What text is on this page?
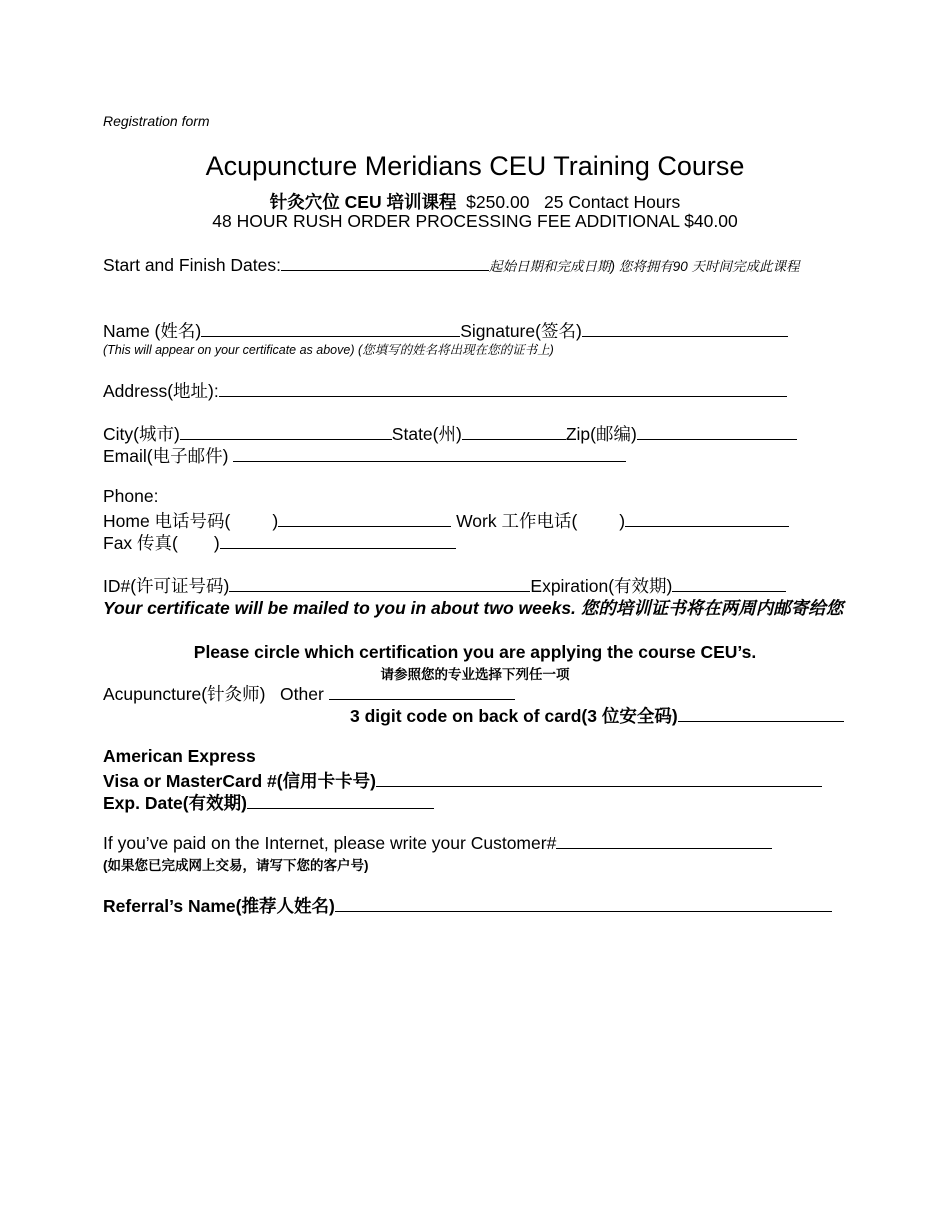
Registration form
Acupuncture Meridians CEU Training Course
针灸穴位 CEU 培训课程 $250.00 25 Contact Hours
48 HOUR RUSH ORDER PROCESSING FEE ADDITIONAL $40.00
Start and Finish Dates:	起始日期和完成日期) 您将拥有90 天时间完成此课程
Name (姓名)	Signature(签名)
(This will appear on your certificate as above) (您填写的姓名将出现在您的证书上)
Address(地址):
City(城市)	State(州)	Zip(邮编)
Email(电子邮件)
Phone:
Home 电话号码( )	Work 工作电话( )
Fax 传真( )
ID#(许可证号码)	Expiration(有效期)
Your certificate will be mailed to you in about two weeks. 您的培训证书将在两周内邮寄给您
Please circle which certification you are applying the course CEU’s.
请参照您的专业选择下列任一项
Acupuncture(针灸师) Other
3 digit code on back of card(3 位安全码)
American Express
Visa or MasterCard #(信用卡卡号)
Exp. Date(有效期)
If you’ve paid on the Internet, please write your Customer#
(如果您已完成网上交易，请写下您的客户号)
Referral’s Name(推荐人姓名)
